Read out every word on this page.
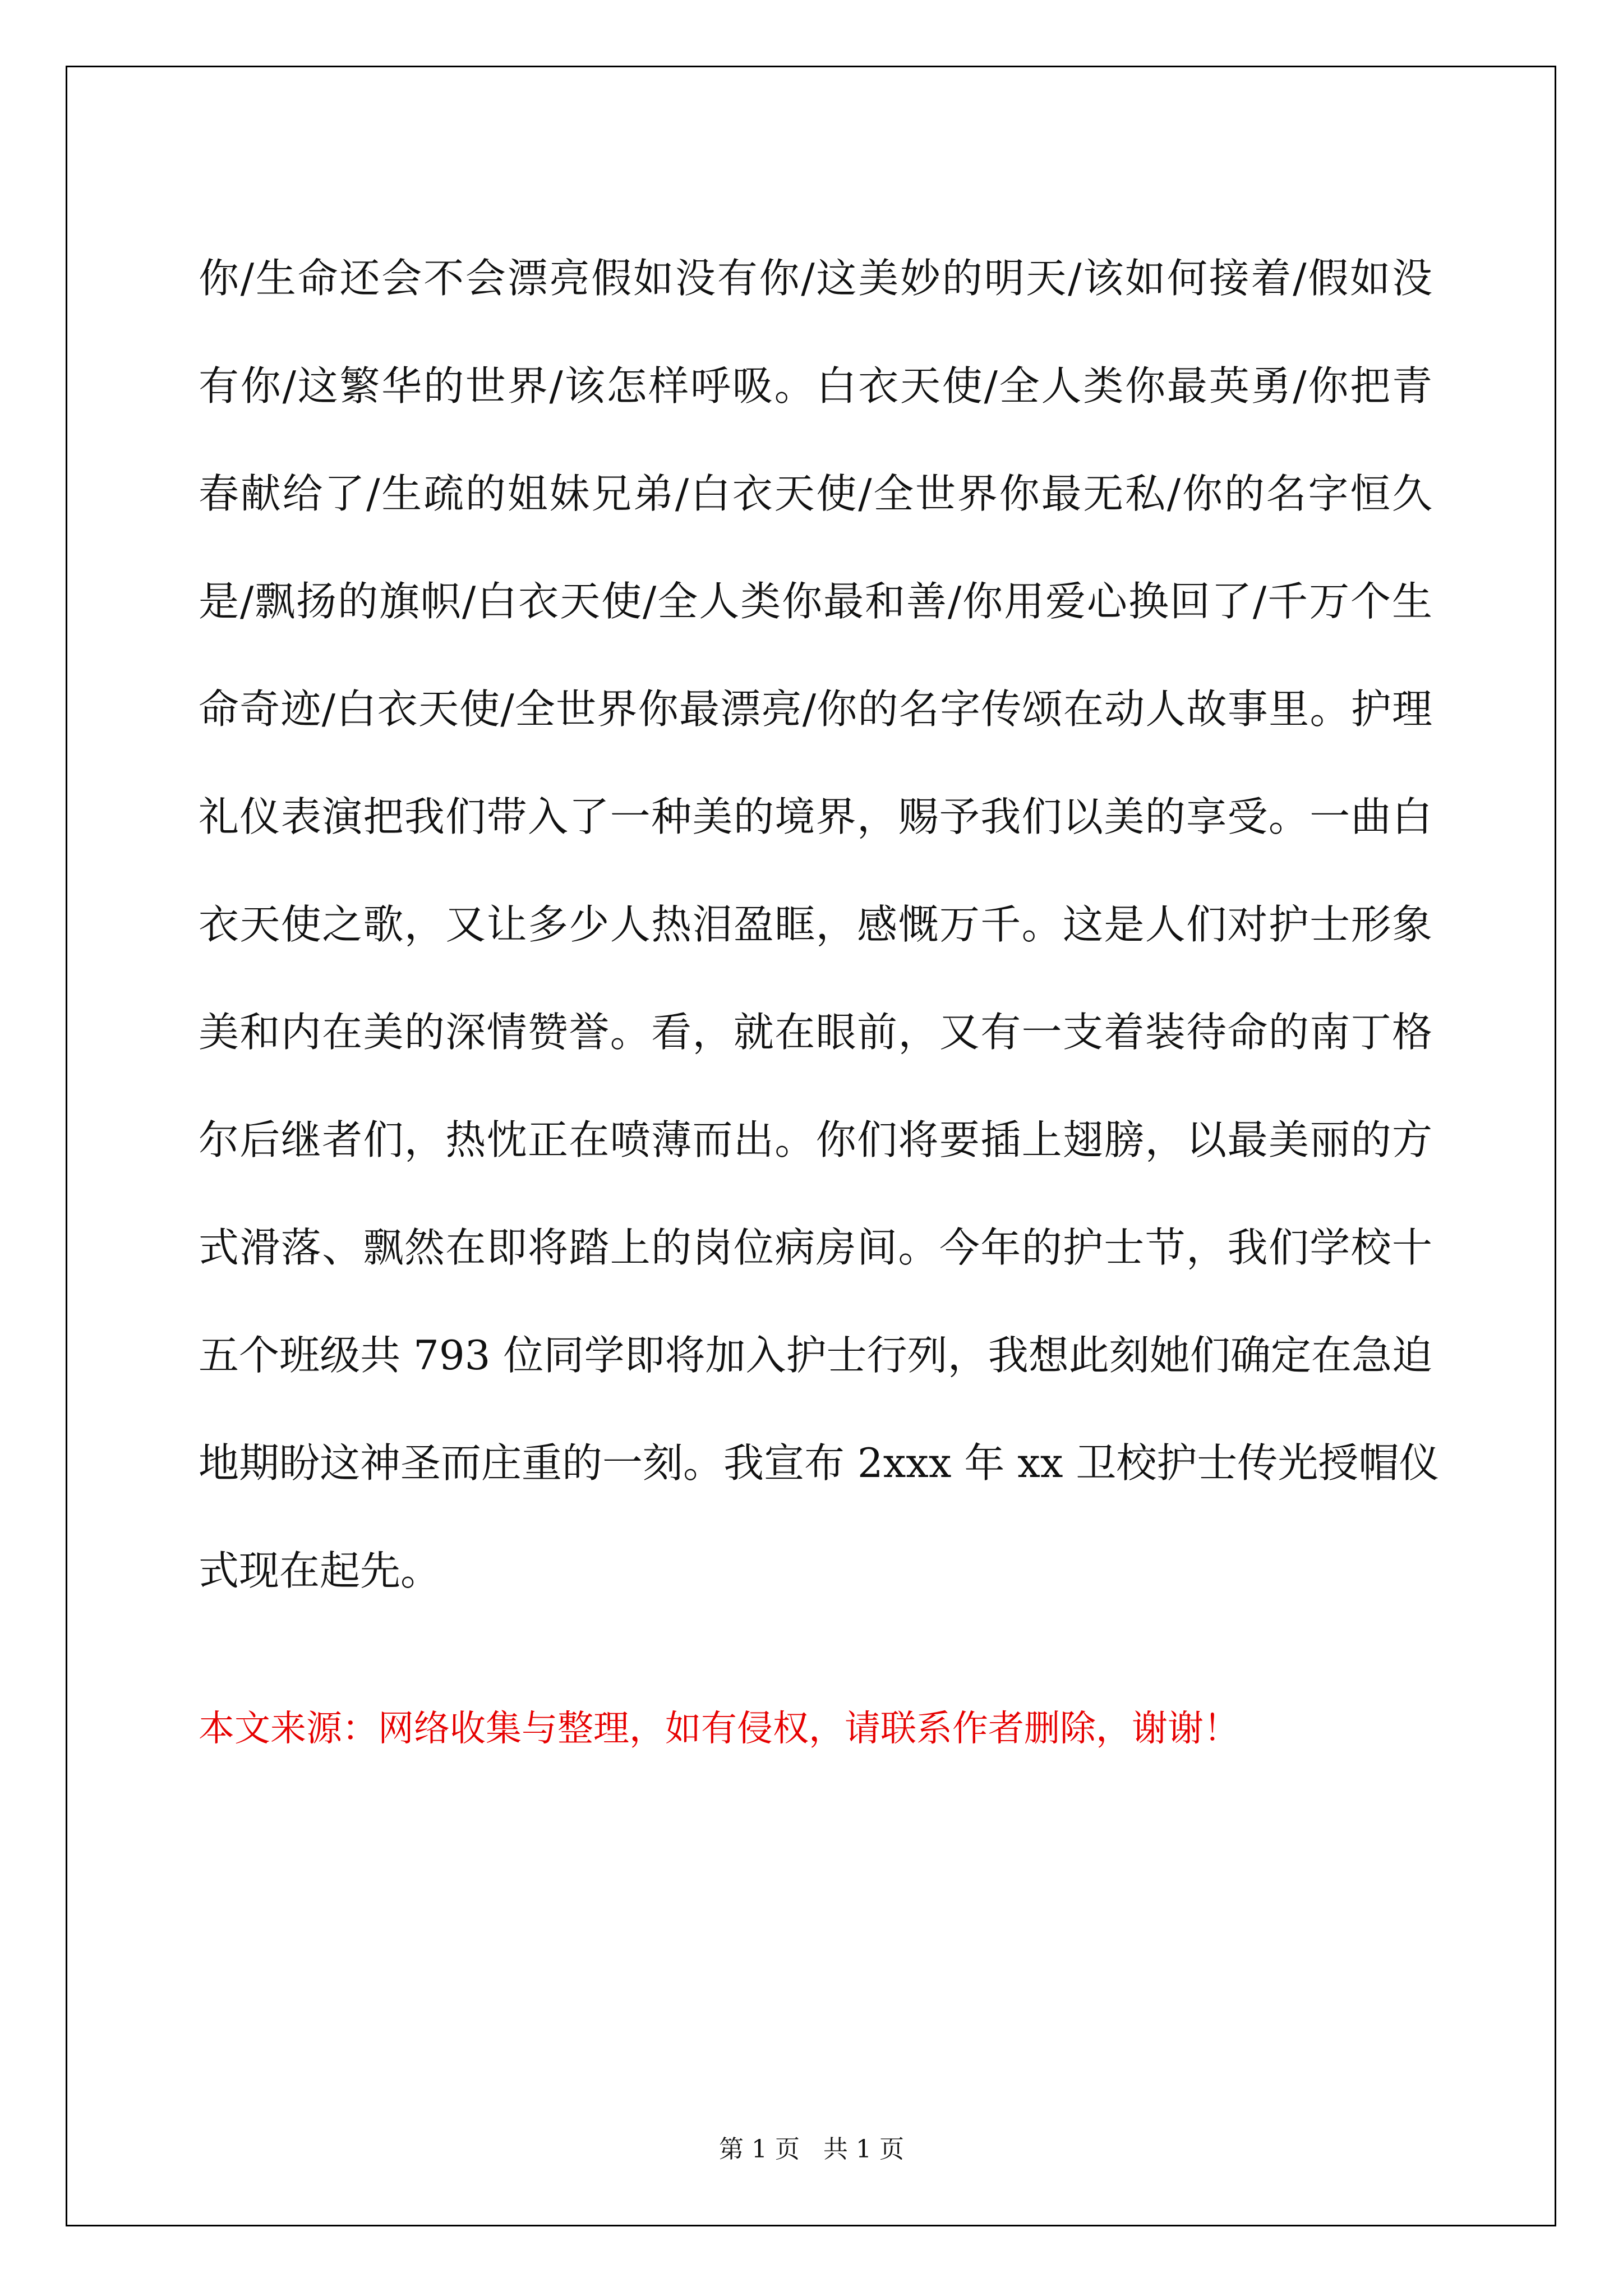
你/生命还会不会漂亮假如没有你/这美妙的明天/该如何接着/假如没
有你/这繁华的世界/该怎样呼吸。白衣天使/全人类你最英勇/你把青
春献给了/生疏的姐妹兄弟/白衣天使/全世界你最无私/你的名字恒久
是/飘扬的旗帜/白衣天使/全人类你最和善/你用爱心换回了/千万个生
命奇迹/白衣天使/全世界你最漂亮/你的名字传颂在动人故事里。护理
礼仪表演把我们带入了一种美的境界，赐予我们以美的享受。一曲白
衣天使之歌，又让多少人热泪盈眶，感慨万千。这是人们对护士形象
美和内在美的深情赞誉。看，就在眼前，又有一支着装待命的南丁格
尔后继者们，热忱正在喷薄而出。你们将要插上翅膀，以最美丽的方
式滑落、飘然在即将踏上的岗位病房间。今年的护士节，我们学校十
五个班级共 793 位同学即将加入护士行列，我想此刻她们确定在急迫
地期盼这神圣而庄重的一刻。我宣布 2xxx 年 xx 卫校护士传光授帽仪
式现在起先。
本文来源：网络收集与整理，如有侵权，请联系作者删除，谢谢！
第 1 页   共 1 页
